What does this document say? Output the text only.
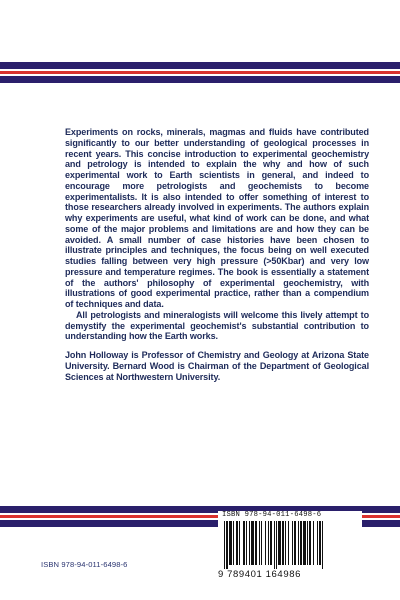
Experiments on rocks, minerals, magmas and fluids have contributed significantly to our better understanding of geological processes in recent years. This concise introduction to experimental geochemistry and petrology is intended to explain the why and how of such experimental work to Earth scientists in general, and indeed to encourage more petrologists and geochemists to become experimentalists. It is also intended to offer something of interest to those researchers already involved in experiments. The authors explain why experiments are useful, what kind of work can be done, and what some of the major problems and limitations are and how they can be avoided. A small number of case histories have been chosen to illustrate principles and techniques, the focus being on well executed studies falling between very high pressure (>50Kbar) and very low pressure and temperature regimes. The book is essentially a statement of the authors' philosophy of experimental geochemistry, with illustrations of good experimental practice, rather than a compendium of techniques and data.

All petrologists and mineralogists will welcome this lively attempt to demystify the experimental geochemist's substantial contribution to understanding how the Earth works.

John Holloway is Professor of Chemistry and Geology at Arizona State University. Bernard Wood is Chairman of the Department of Geological Sciences at Northwestern University.

ISBN 978-94-011-6498-6
9 789401 164986
ISBN 978-94-011-6498-6
